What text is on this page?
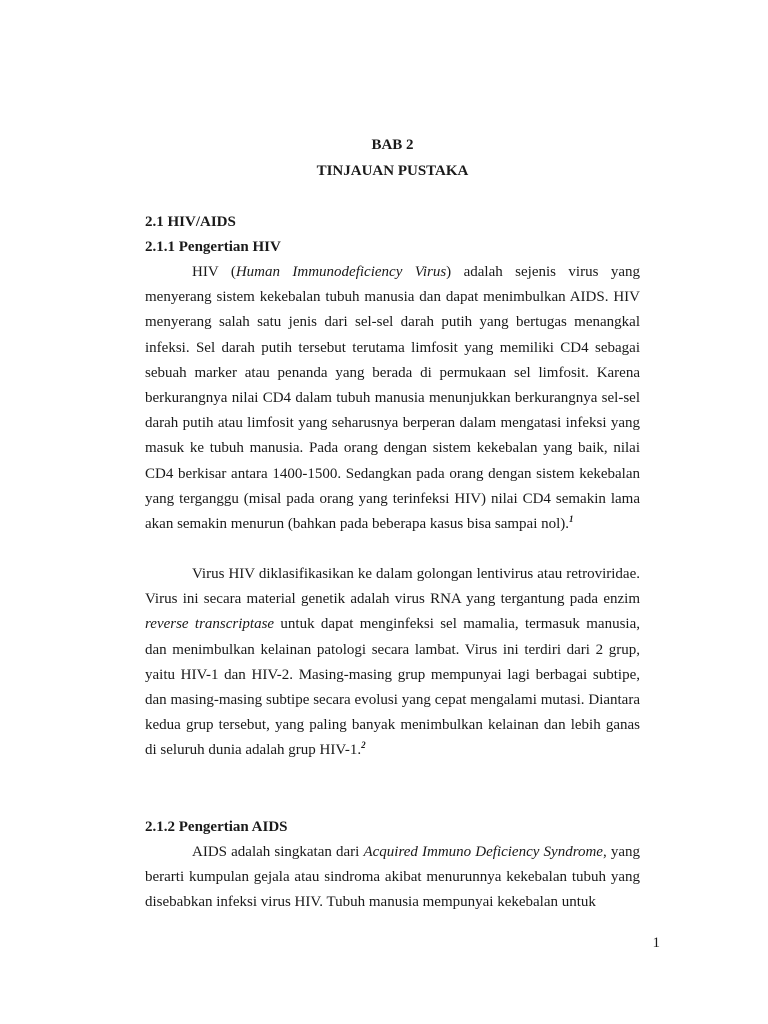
BAB 2
TINJAUAN PUSTAKA
2.1 HIV/AIDS
2.1.1 Pengertian HIV

HIV (Human Immunodeficiency Virus) adalah sejenis virus yang menyerang sistem kekebalan tubuh manusia dan dapat menimbulkan AIDS. HIV menyerang salah satu jenis dari sel-sel darah putih yang bertugas menangkal infeksi. Sel darah putih tersebut terutama limfosit yang memiliki CD4 sebagai sebuah marker atau penanda yang berada di permukaan sel limfosit. Karena berkurangnya nilai CD4 dalam tubuh manusia menunjukkan berkurangnya sel-sel darah putih atau limfosit yang seharusnya berperan dalam mengatasi infeksi yang masuk ke tubuh manusia. Pada orang dengan sistem kekebalan yang baik, nilai CD4 berkisar antara 1400-1500. Sedangkan pada orang dengan sistem kekebalan yang terganggu (misal pada orang yang terinfeksi HIV) nilai CD4 semakin lama akan semakin menurun (bahkan pada beberapa kasus bisa sampai nol).$^1$

Virus HIV diklasifikasikan ke dalam golongan lentivirus atau retroviridae. Virus ini secara material genetik adalah virus RNA yang tergantung pada enzim reverse transcriptase untuk dapat menginfeksi sel mamalia, termasuk manusia, dan menimbulkan kelainan patologi secara lambat. Virus ini terdiri dari 2 grup, yaitu HIV-1 dan HIV-2. Masing-masing grup mempunyai lagi berbagai subtipe, dan masing-masing subtipe secara evolusi yang cepat mengalami mutasi. Diantara kedua grup tersebut, yang paling banyak menimbulkan kelainan dan lebih ganas di seluruh dunia adalah grup HIV-1.$^2$

2.1.2 Pengertian AIDS

AIDS adalah singkatan dari Acquired Immuno Deficiency Syndrome, yang berarti kumpulan gejala atau sindroma akibat menurunnya kekebalan tubuh yang disebabkan infeksi virus HIV. Tubuh manusia mempunyai kekebalan untuk

1
